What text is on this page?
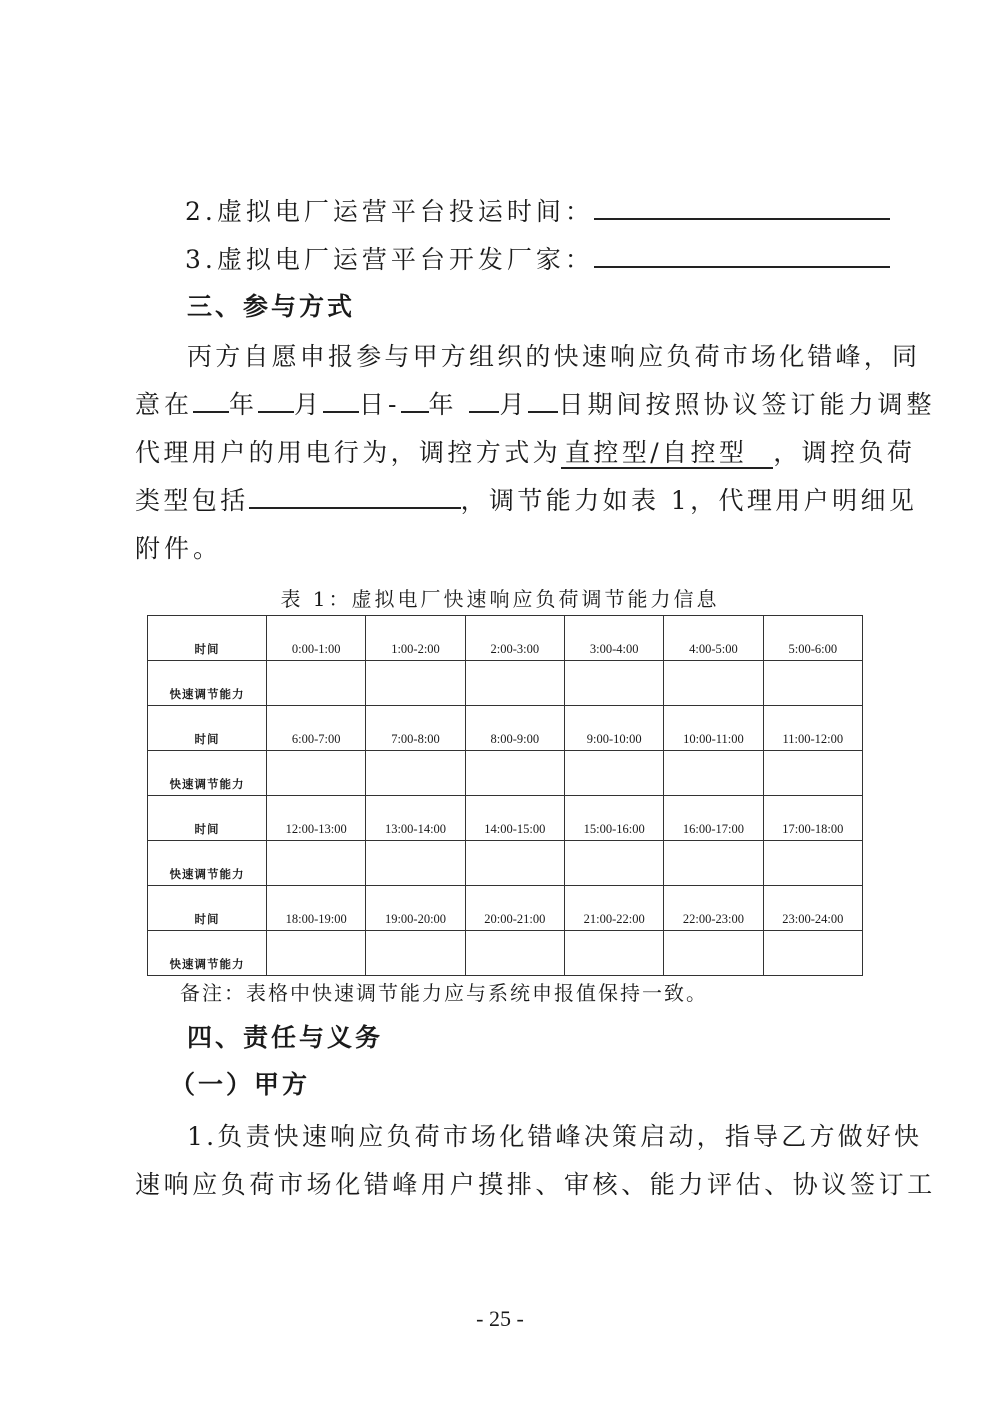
2.虚拟电厂运营平台投运时间：
3.虚拟电厂运营平台开发厂家：
三、参与方式
丙方自愿申报参与甲方组织的快速响应负荷市场化错峰，同
意在 年 月 日- 年 月 日期间按照协议签订能力调整
代理用户的用电行为，调控方式为 直控型/自控型 ，调控负荷
类型包括	，调节能力如表 1，代理用户明细见
附件。
表 1：虚拟电厂快速响应负荷调节能力信息
时间	0:00-1:00	1:00-2:00	2:00-3:00	3:00-4:00	4:00-5:00	5:00-6:00
快速调节能力						
时间	6:00-7:00	7:00-8:00	8:00-9:00	9:00-10:00	10:00-11:00	11:00-12:00
快速调节能力						
时间	12:00-13:00	13:00-14:00	14:00-15:00	15:00-16:00	16:00-17:00	17:00-18:00
快速调节能力						
时间	18:00-19:00	19:00-20:00	20:00-21:00	21:00-22:00	22:00-23:00	23:00-24:00
快速调节能力						
备注：表格中快速调节能力应与系统申报值保持一致。
四、责任与义务
（一）甲方
1.负责快速响应负荷市场化错峰决策启动，指导乙方做好快
速响应负荷市场化错峰用户摸排、审核、能力评估、协议签订工
- 25 -
